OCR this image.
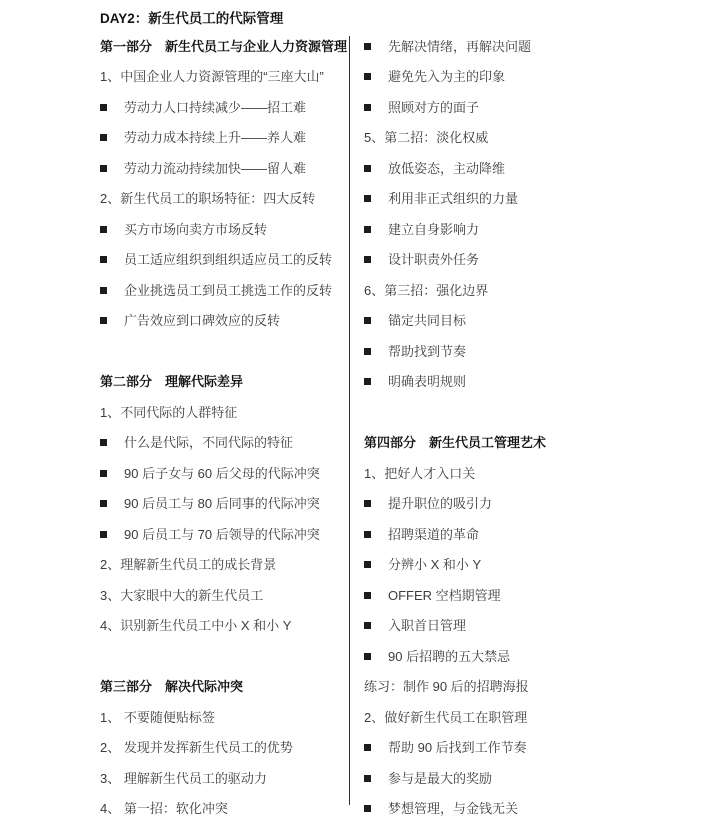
DAY2：新生代员工的代际管理
第一部分　新生代员工与企业人力资源管理
1、中国企业人力资源管理的“三座大山”
劳动力人口持续减少——招工难
劳动力成本持续上升——养人难
劳动力流动持续加快——留人难
2、新生代员工的职场特征：四大反转
买方市场向卖方市场反转
员工适应组织到组织适应员工的反转
企业挑选员工到员工挑选工作的反转
广告效应到口碑效应的反转
第二部分　理解代际差异
1、不同代际的人群特征
什么是代际，不同代际的特征
90 后子女与 60 后父母的代际冲突
90 后员工与 80 后同事的代际冲突
90 后员工与 70 后领导的代际冲突
2、理解新生代员工的成长背景
3、大家眼中大的新生代员工
4、识别新生代员工中小 X 和小 Y
第三部分　解决代际冲突
1、 不要随便贴标签
2、 发现并发挥新生代员工的优势
3、 理解新生代员工的驱动力
4、 第一招：软化冲突
先解决情绪，再解决问题
避免先入为主的印象
照顾对方的面子
5、第二招：淡化权威
放低姿态，主动降维
利用非正式组织的力量
建立自身影响力
设计职责外任务
6、第三招：强化边界
锚定共同目标
帮助找到节奏
明确表明规则
第四部分　新生代员工管理艺术
1、把好人才入口关
提升职位的吸引力
招聘渠道的革命
分辨小 X 和小 Y
OFFER 空档期管理
入职首日管理
90 后招聘的五大禁忌
练习：制作 90 后的招聘海报
2、做好新生代员工在职管理
帮助 90 后找到工作节奏
参与是最大的奖励
梦想管理，与金钱无关
